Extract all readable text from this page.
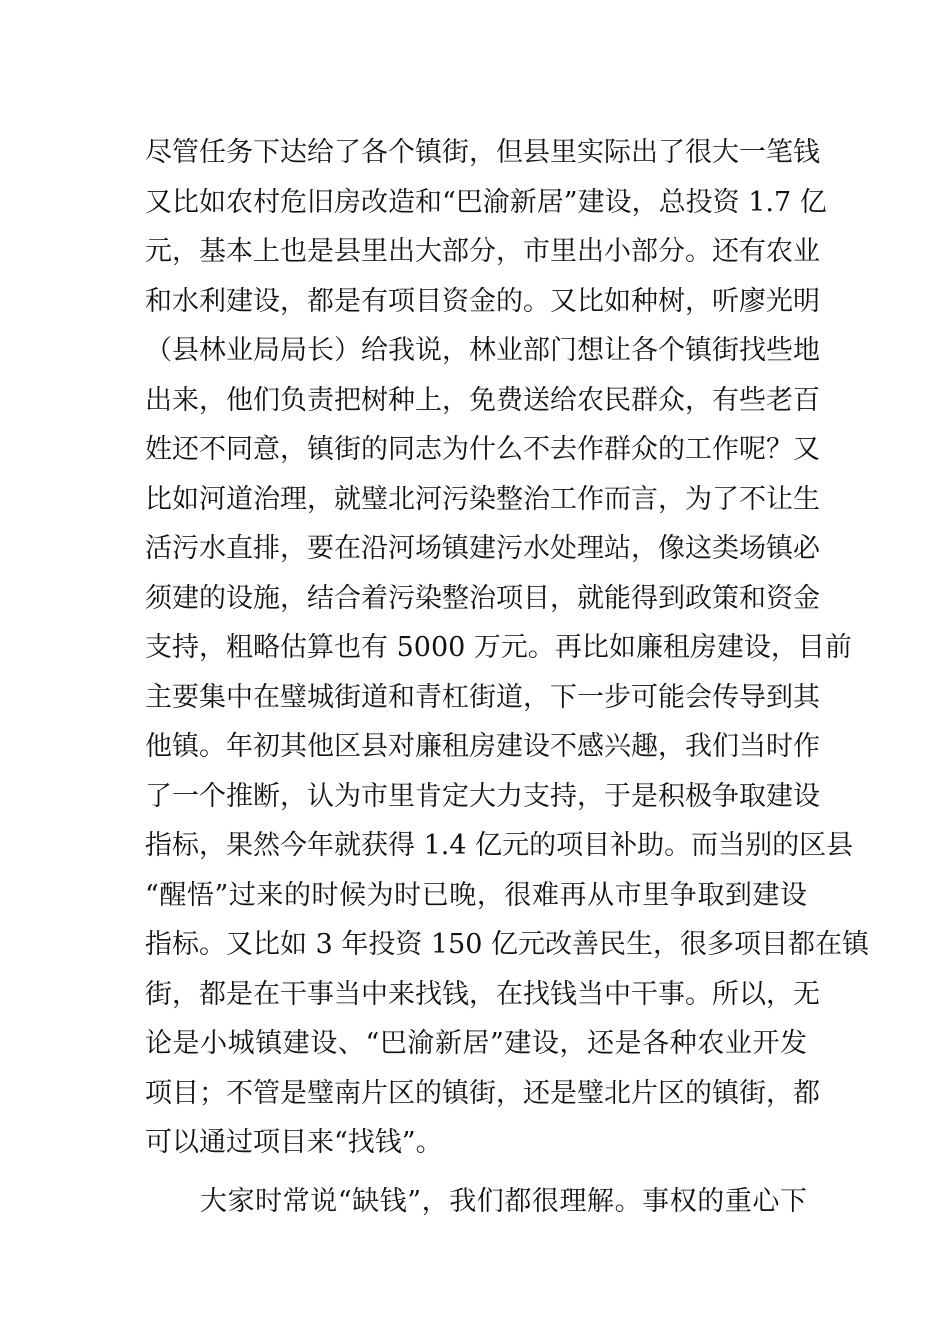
尽管任务下达给了各个镇街，但县里实际出了很大一笔钱
又比如农村危旧房改造和“巴渝新居”建设，总投资 1.7 亿
元，基本上也是县里出大部分，市里出小部分。还有农业
和水利建设，都是有项目资金的。又比如种树，听廖光明
（县林业局局长）给我说，林业部门想让各个镇街找些地
出来，他们负责把树种上，免费送给农民群众，有些老百
姓还不同意，镇街的同志为什么不去作群众的工作呢？又
比如河道治理，就璧北河污染整治工作而言，为了不让生
活污水直排，要在沿河场镇建污水处理站，像这类场镇必
须建的设施，结合着污染整治项目，就能得到政策和资金
支持，粗略估算也有 5000 万元。再比如廉租房建设，目前
主要集中在璧城街道和青杠街道，下一步可能会传导到其
他镇。年初其他区县对廉租房建设不感兴趣，我们当时作
了一个推断，认为市里肯定大力支持，于是积极争取建设
指标，果然今年就获得 1.4 亿元的项目补助。而当别的区县
“醒悟”过来的时候为时已晚，很难再从市里争取到建设
指标。又比如 3 年投资 150 亿元改善民生，很多项目都在镇
街，都是在干事当中来找钱，在找钱当中干事。所以，无
论是小城镇建设、“巴渝新居”建设，还是各种农业开发
项目；不管是璧南片区的镇街，还是璧北片区的镇街，都
可以通过项目来“找钱”。
大家时常说“缺钱”，我们都很理解。事权的重心下
